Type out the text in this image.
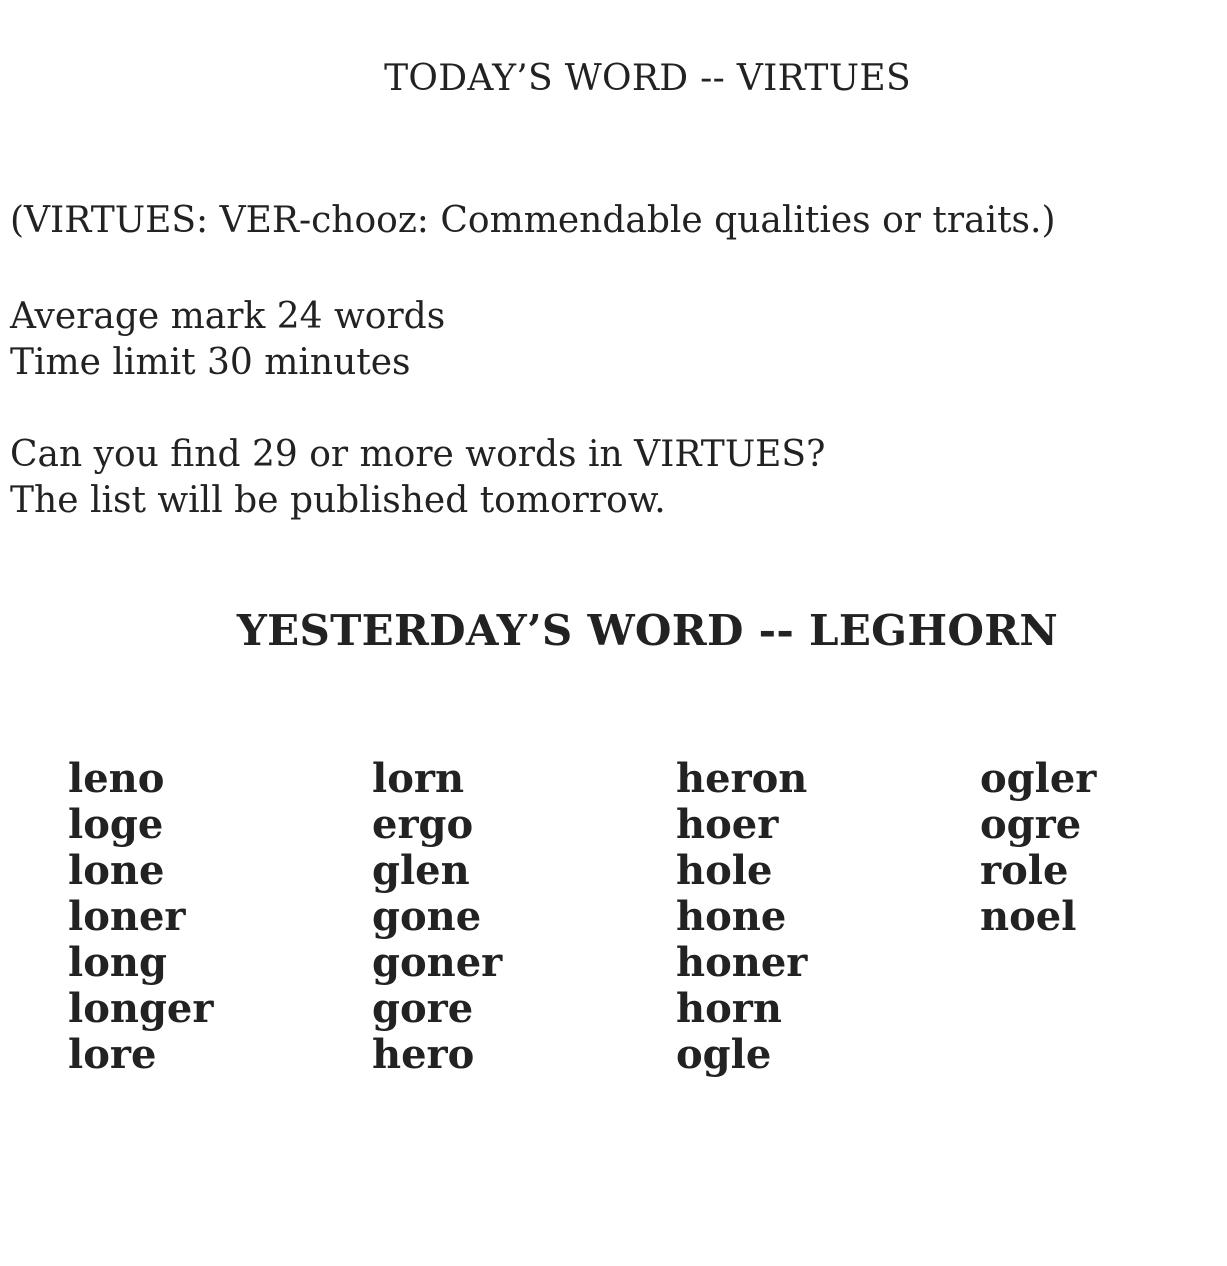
TODAY’S WORD -- VIRTUES

(VIRTUES: VER-chooz: Commendable qualities or traits.)

Average mark 24 words

Time limit 30 minutes

Can you find 29 or more words in VIRTUES?

The list will be published tomorrow.

YESTERDAY’S WORD -- LEGHORN
leno
loge
lone
loner
long
longer
lore
lorn
ergo
glen
gone
goner
gore
hero
heron
hoer
hole
hone
honer
horn
ogle
ogler
ogre
role
noel
